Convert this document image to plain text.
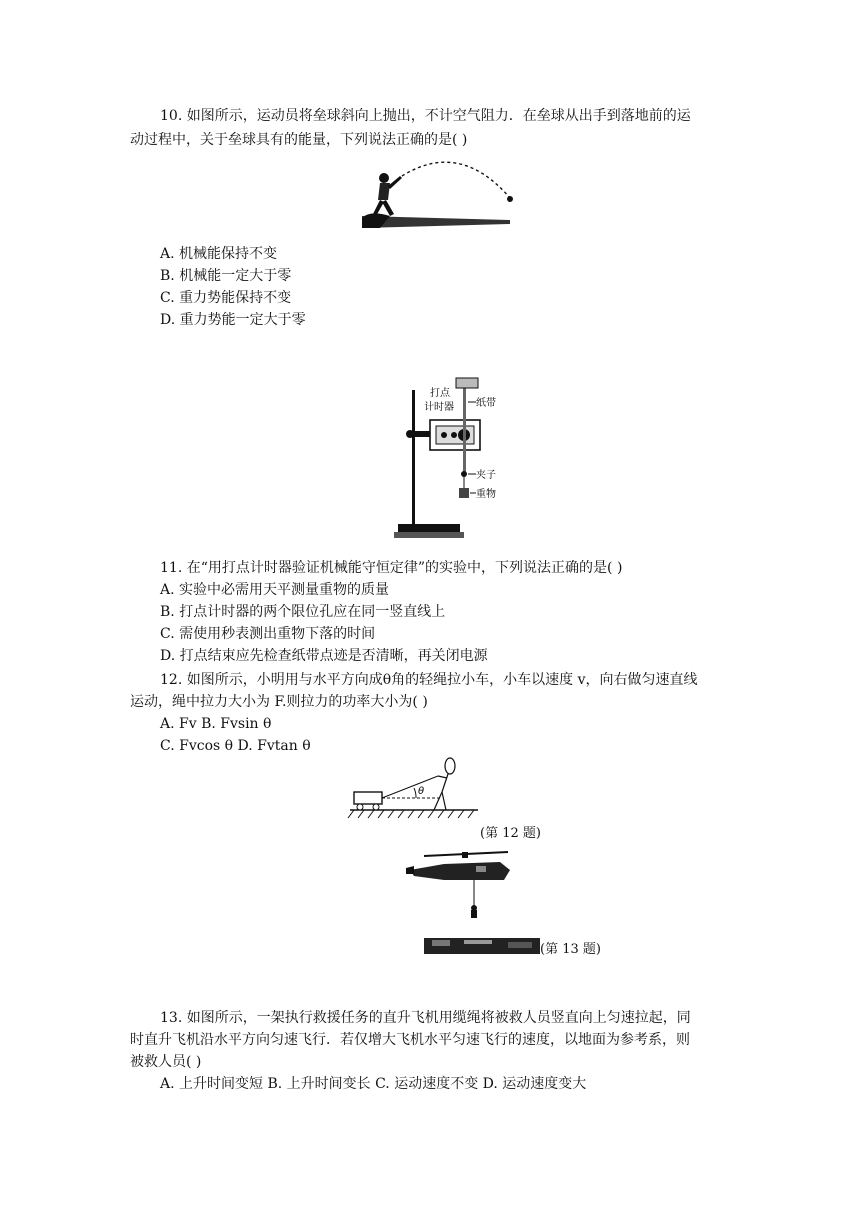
10. 如图所示，运动员将垒球斜向上抛出，不计空气阻力．在垒球从出手到落地前的运
动过程中，关于垒球具有的能量，下列说法正确的是( )
A. 机械能保持不变
B. 机械能一定大于零
C. 重力势能保持不变
D. 重力势能一定大于零
打点
计时器 纸带
夹子
重物
11. 在“用打点计时器验证机械能守恒定律”的实验中，下列说法正确的是( )
A. 实验中必需用天平测量重物的质量
B. 打点计时器的两个限位孔应在同一竖直线上
C. 需使用秒表测出重物下落的时间
D. 打点结束应先检查纸带点迹是否清晰，再关闭电源
12. 如图所示，小明用与水平方向成θ角的轻绳拉小车，小车以速度 v，向右做匀速直线
运动，绳中拉力大小为 F.则拉力的功率大小为( )
A. Fv B. Fvsin θ
C. Fvcos θ D. Fvtan θ
θ
(第 12 题)
(第 13 题)
13. 如图所示，一架执行救援任务的直升飞机用缆绳将被救人员竖直向上匀速拉起，同
时直升飞机沿水平方向匀速飞行．若仅增大飞机水平匀速飞行的速度，以地面为参考系，则
被救人员( )
A. 上升时间变短 B. 上升时间变长 C. 运动速度不变 D. 运动速度变大
